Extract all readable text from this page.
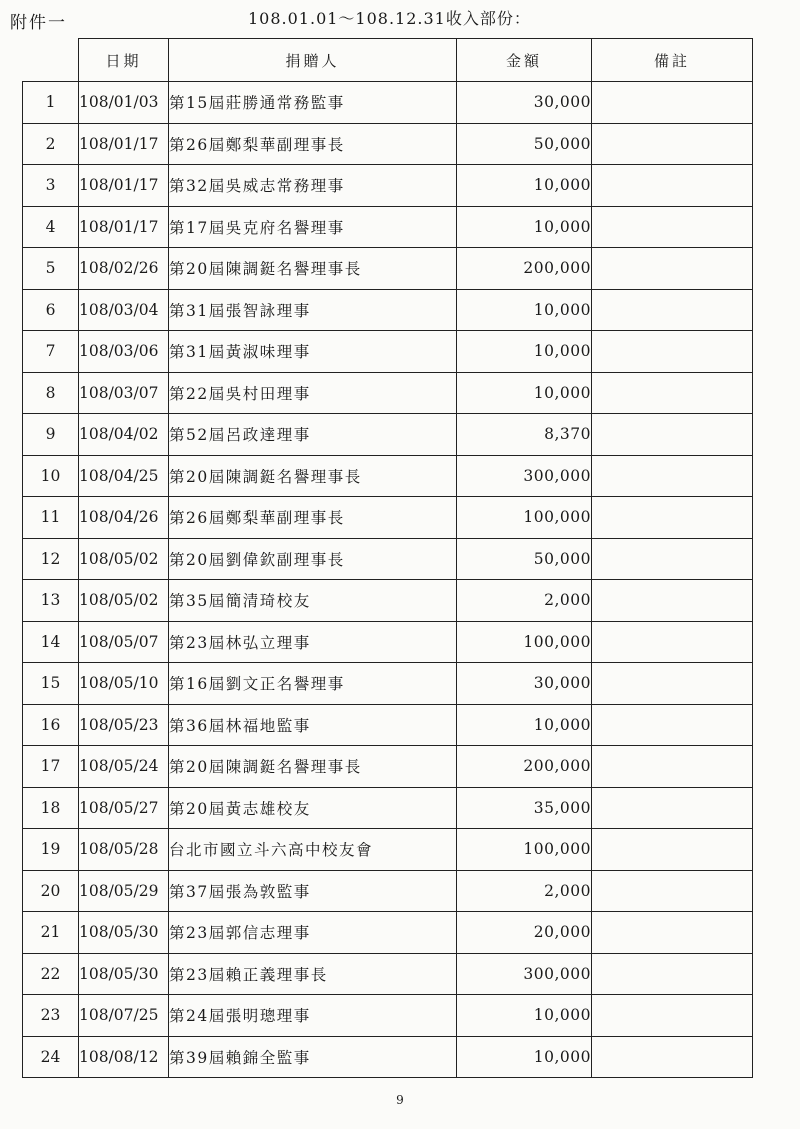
附件一	108.01.01～108.12.31收入部份：
	日期	捐贈人	金額	備註
1	108/01/03	第15屆莊勝通常務監事	30,000	
2	108/01/17	第26屆鄭梨華副理事長	50,000	
3	108/01/17	第32屆吳威志常務理事	10,000	
4	108/01/17	第17屆吳克府名譽理事	10,000	
5	108/02/26	第20屆陳調鋌名譽理事長	200,000	
6	108/03/04	第31屆張智詠理事	10,000	
7	108/03/06	第31屆黃淑味理事	10,000	
8	108/03/07	第22屆吳村田理事	10,000	
9	108/04/02	第52屆呂政達理事	8,370	
10	108/04/25	第20屆陳調鋌名譽理事長	300,000	
11	108/04/26	第26屆鄭梨華副理事長	100,000	
12	108/05/02	第20屆劉偉欽副理事長	50,000	
13	108/05/02	第35屆簡清琦校友	2,000	
14	108/05/07	第23屆林弘立理事	100,000	
15	108/05/10	第16屆劉文正名譽理事	30,000	
16	108/05/23	第36屆林福地監事	10,000	
17	108/05/24	第20屆陳調鋌名譽理事長	200,000	
18	108/05/27	第20屆黃志雄校友	35,000	
19	108/05/28	台北市國立斗六高中校友會	100,000	
20	108/05/29	第37屆張為敦監事	2,000	
21	108/05/30	第23屆郭信志理事	20,000	
22	108/05/30	第23屆賴正義理事長	300,000	
23	108/07/25	第24屆張明璁理事	10,000	
24	108/08/12	第39屆賴錦全監事	10,000	
9
